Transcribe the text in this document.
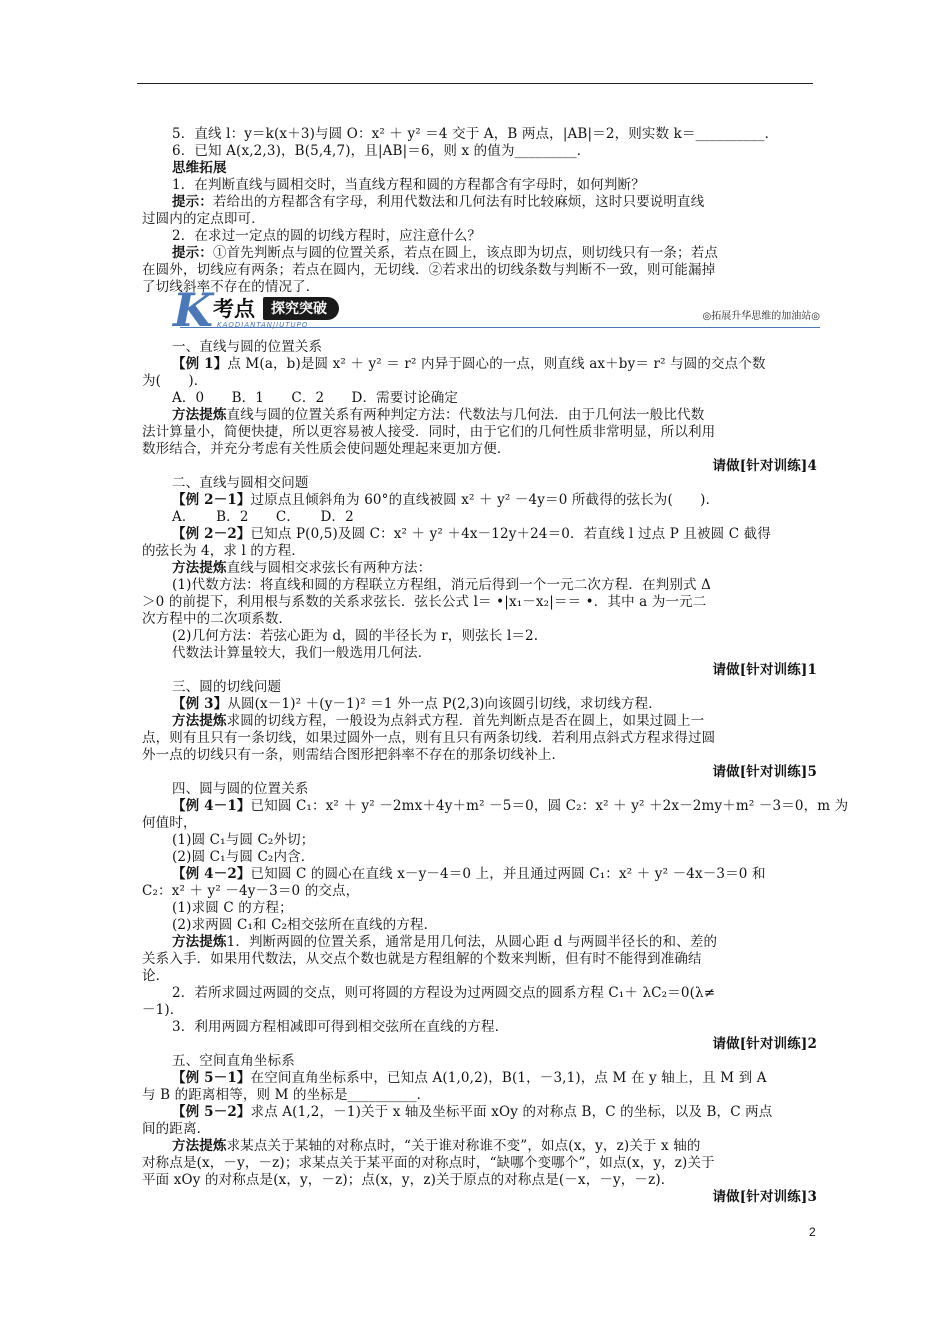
5．直线 l：y＝k(x＋3)与圆 O：x² ＋ y² ＝4 交于 A，B 两点，|AB|＝2，则实数 k＝__________．
6．已知 A(x,2,3)，B(5,4,7)，且|AB|＝6，则 x 的值为_________．
思维拓展
1．在判断直线与圆相交时，当直线方程和圆的方程都含有字母时，如何判断？
提示：若给出的方程都含有字母，利用代数法和几何法有时比较麻烦，这时只要说明直线
过圆内的定点即可．
2．在求过一定点的圆的切线方程时，应注意什么？
提示：①首先判断点与圆的位置关系，若点在圆上，该点即为切点，则切线只有一条；若点
在圆外，切线应有两条；若点在圆内，无切线．②若求出的切线条数与判断不一致，则可能漏掉
了切线斜率不存在的情况了．
K 考点	探究突破
KAODIANTANJIUTUPO
◎拓展升华思维的加油站◎
一、直线与圆的位置关系
【例 1】点 M(a，b)是圆 x² ＋ y² ＝ r² 内异于圆心的一点，则直线 ax＋by＝ r² 与圆的交点个数
为(　　)．
A．0　　B．1　　C．2　　D．需要讨论确定
方法提炼直线与圆的位置关系有两种判定方法：代数法与几何法．由于几何法一般比代数
法计算量小，简便快捷，所以更容易被人接受．同时，由于它们的几何性质非常明显，所以利用
数形结合，并充分考虑有关性质会使问题处理起来更加方便．
请做[针对训练]4
二、直线与圆相交问题
【例 2－1】过原点且倾斜角为 60°的直线被圆 x² ＋ y² －4y＝0 所截得的弦长为(　　)．
A．　　B．2　　C．　　D．2
【例 2－2】已知点 P(0,5)及圆 C：x² ＋ y² ＋4x－12y＋24＝0．若直线 l 过点 P 且被圆 C 截得
的弦长为 4，求 l 的方程．
方法提炼直线与圆相交求弦长有两种方法：
(1)代数方法：将直线和圆的方程联立方程组，消元后得到一个一元二次方程．在判别式 Δ
＞0 的前提下，利用根与系数的关系求弦长．弦长公式 l＝ •|x₁－x₂|＝＝ •．其中 a 为一元二
次方程中的二次项系数．
(2)几何方法：若弦心距为 d，圆的半径长为 r，则弦长 l＝2.
代数法计算量较大，我们一般选用几何法．
请做[针对训练]1
三、圆的切线问题
【例 3】从圆(x－1)² ＋(y－1)² ＝1 外一点 P(2,3)向该圆引切线，求切线方程．
方法提炼求圆的切线方程，一般设为点斜式方程．首先判断点是否在圆上，如果过圆上一
点，则有且只有一条切线，如果过圆外一点，则有且只有两条切线．若利用点斜式方程求得过圆
外一点的切线只有一条，则需结合图形把斜率不存在的那条切线补上．
请做[针对训练]5
四、圆与圆的位置关系
【例 4－1】已知圆 C₁：x² ＋ y² －2mx＋4y＋m² －5＝0，圆 C₂：x² ＋ y² ＋2x－2my＋m² －3＝0，m 为
何值时，
(1)圆 C₁与圆 C₂外切；
(2)圆 C₁与圆 C₂内含．
【例 4－2】已知圆 C 的圆心在直线 x－y－4＝0 上，并且通过两圆 C₁：x² ＋ y² －4x－3＝0 和
C₂：x² ＋ y² －4y－3＝0 的交点，
(1)求圆 C 的方程；
(2)求两圆 C₁和 C₂相交弦所在直线的方程．
方法提炼1．判断两圆的位置关系，通常是用几何法，从圆心距 d 与两圆半径长的和、差的
关系入手．如果用代数法，从交点个数也就是方程组解的个数来判断，但有时不能得到准确结
论．
2．若所求圆过两圆的交点，则可将圆的方程设为过两圆交点的圆系方程 C₁＋ λC₂＝0(λ≠
－1)．
3．利用两圆方程相减即可得到相交弦所在直线的方程．
请做[针对训练]2
五、空间直角坐标系
【例 5－1】在空间直角坐标系中，已知点 A(1,0,2)，B(1，－3,1)，点 M 在 y 轴上，且 M 到 A
与 B 的距离相等，则 M 的坐标是__________．
【例 5－2】求点 A(1,2，－1)关于 x 轴及坐标平面 xOy 的对称点 B，C 的坐标，以及 B，C 两点
间的距离．
方法提炼求某点关于某轴的对称点时，“关于谁对称谁不变”，如点(x，y，z)关于 x 轴的
对称点是(x，－y，－z)；求某点关于某平面的对称点时，“缺哪个变哪个”，如点(x，y，z)关于
平面 xOy 的对称点是(x，y，－z)；点(x，y，z)关于原点的对称点是(－x，－y，－z)．
请做[针对训练]3
2
